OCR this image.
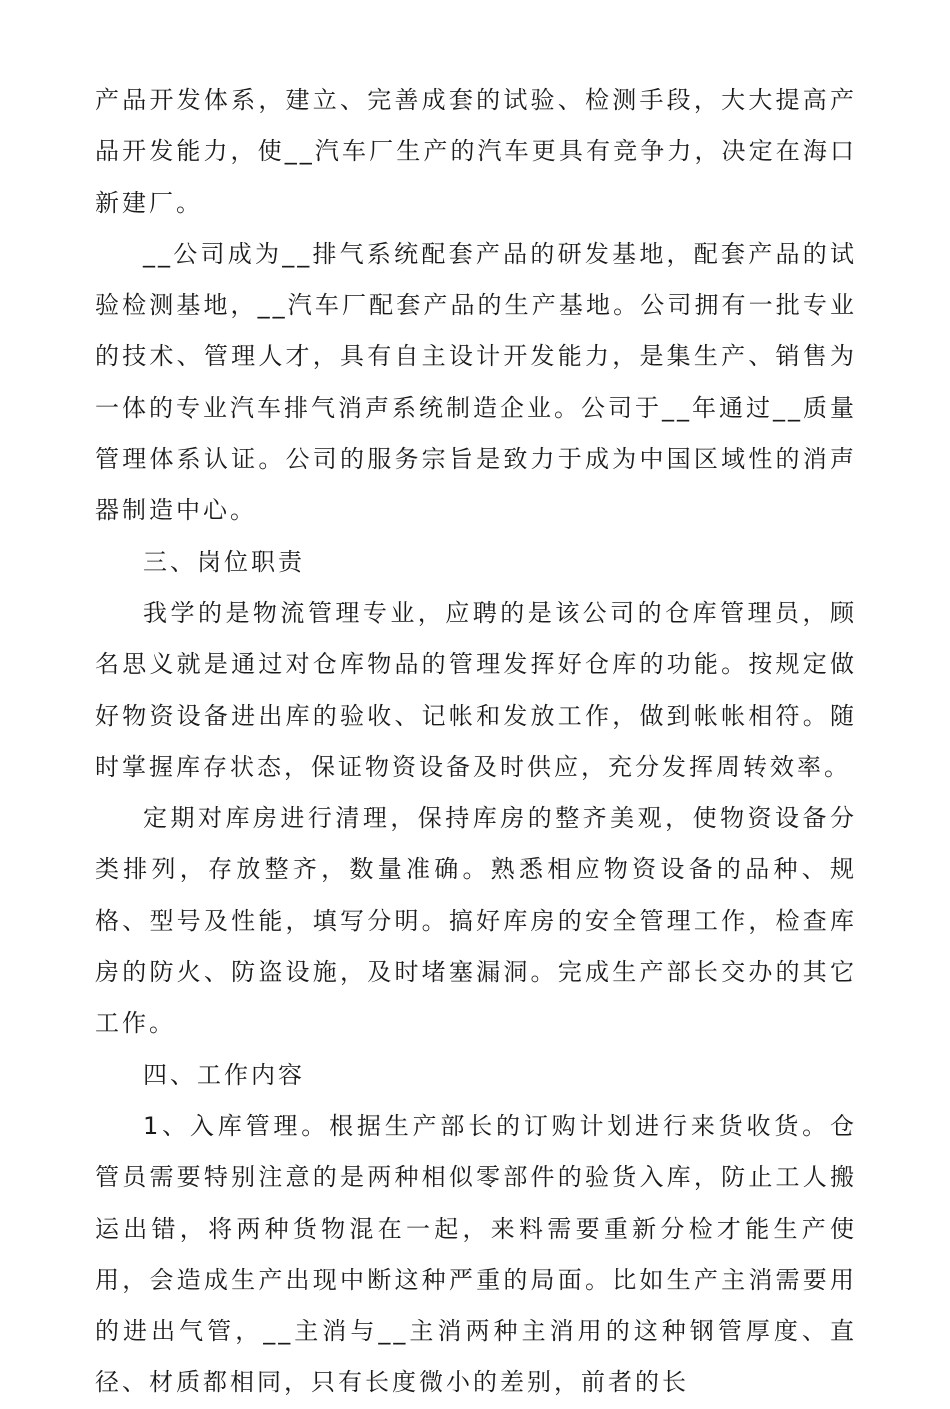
产品开发体系，建立、完善成套的试验、检测手段，大大提高产品开发能力，使__汽车厂生产的汽车更具有竞争力，决定在海口新建厂。

__公司成为__排气系统配套产品的研发基地，配套产品的试验检测基地，__汽车厂配套产品的生产基地。公司拥有一批专业的技术、管理人才，具有自主设计开发能力，是集生产、销售为一体的专业汽车排气消声系统制造企业。公司于__年通过__质量管理体系认证。公司的服务宗旨是致力于成为中国区域性的消声器制造中心。

三、岗位职责

我学的是物流管理专业，应聘的是该公司的仓库管理员，顾名思义就是通过对仓库物品的管理发挥好仓库的功能。按规定做好物资设备进出库的验收、记帐和发放工作，做到帐帐相符。随时掌握库存状态，保证物资设备及时供应，充分发挥周转效率。

定期对库房进行清理，保持库房的整齐美观，使物资设备分类排列，存放整齐，数量准确。熟悉相应物资设备的品种、规格、型号及性能，填写分明。搞好库房的安全管理工作，检查库房的防火、防盗设施，及时堵塞漏洞。完成生产部长交办的其它工作。

四、工作内容

1、入库管理。根据生产部长的订购计划进行来货收货。仓管员需要特别注意的是两种相似零部件的验货入库，防止工人搬运出错，将两种货物混在一起，来料需要重新分检才能生产使用，会造成生产出现中断这种严重的局面。比如生产主消需要用的进出气管，__主消与__主消两种主消用的这种钢管厚度、直径、材质都相同，只有长度微小的差别，前者的长
